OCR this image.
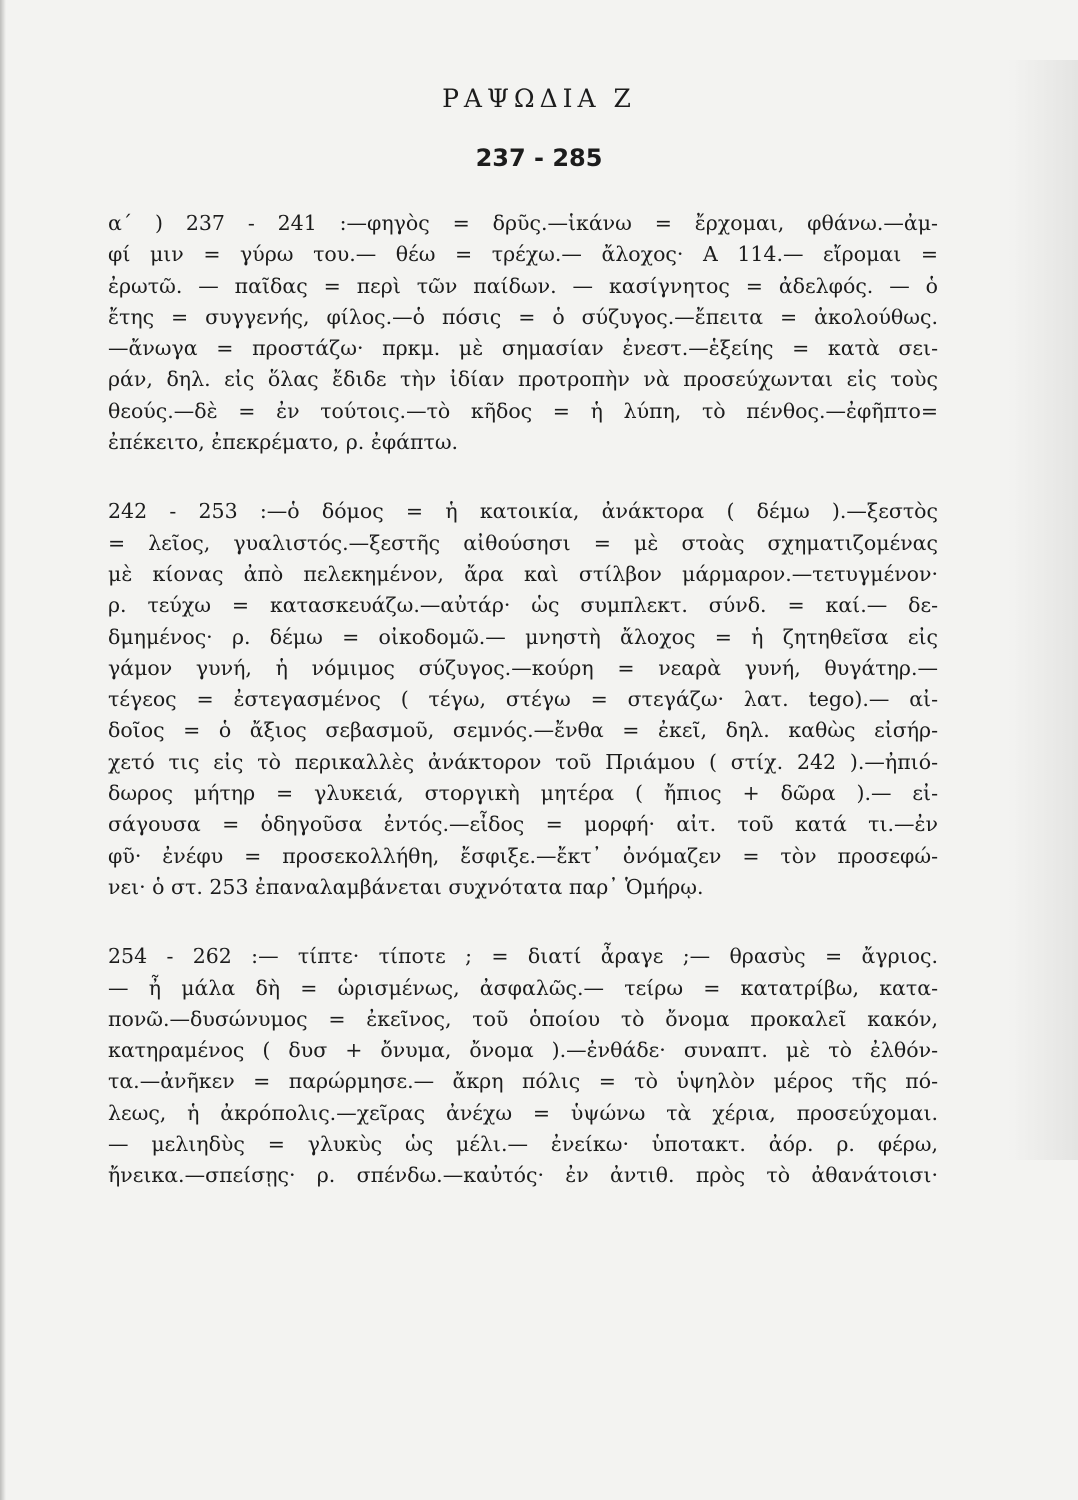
ΡΑΨΩΔΙΑ Ζ
237 - 285
α΄ ) 237 - 241 :—φηγὸς = δρῦς.—ἱκάνω = ἔρχομαι, φθάνω.—ἀμ-
φί μιν = γύρω του.— θέω = τρέχω.— ἄλοχος· Α 114.— εἴρομαι =
ἐρωτῶ. — παῖδας = περὶ τῶν παίδων. — κασίγνητος = ἀδελφός. — ὁ
ἔτης = συγγενής, φίλος.—ὁ πόσις = ὁ σύζυγος.—ἔπειτα = ἀκολούθως.
—ἄνωγα = προστάζω· πρκμ. μὲ σημασίαν ἐνεστ.—ἑξείης = κατὰ σει-
ράν, δηλ. εἰς ὅλας ἔδιδε τὴν ἰδίαν προτροπὴν νὰ προσεύχωνται εἰς τοὺς
θεούς.—δὲ = ἐν τούτοις.—τὸ κῆδος = ἡ λύπη, τὸ πένθος.—ἐφῆπτο=
ἐπέκειτο, ἐπεκρέματο, ρ. ἐφάπτω.
242 - 253 :—ὁ δόμος = ἡ κατοικία, ἀνάκτορα ( δέμω ).—ξεστὸς
= λεῖος, γυαλιστός.—ξεστῆς αἰθούσησι = μὲ στοὰς σχηματιζομένας
μὲ κίονας ἀπὸ πελεκημένον, ἄρα καὶ στίλβον μάρμαρον.—τετυγμένον·
ρ. τεύχω = κατασκευάζω.—αὐτάρ· ὡς συμπλεκτ. σύνδ. = καί.— δε-
δμημένος· ρ. δέμω = οἰκοδομῶ.— μνηστὴ ἄλοχος = ἡ ζητηθεῖσα εἰς
γάμον γυνή, ἡ νόμιμος σύζυγος.—κούρη = νεαρὰ γυνή, θυγάτηρ.—
τέγεος = ἐστεγασμένος ( τέγω, στέγω = στεγάζω· λατ. tego).— αἰ-
δοῖος = ὁ ἄξιος σεβασμοῦ, σεμνός.—ἔνθα = ἐκεῖ, δηλ. καθὼς εἰσήρ-
χετό τις εἰς τὸ περικαλλὲς ἀνάκτορον τοῦ Πριάμου ( στίχ. 242 ).—ἠπιό-
δωρος μήτηρ = γλυκειά, στοργικὴ μητέρα ( ἤπιος + δῶρα ).— εἰ-
σάγουσα = ὁδηγοῦσα ἐντός.—εἶδος = μορφή· αἰτ. τοῦ κατά τι.—ἐν
φῦ· ἐνέφυ = προσεκολλήθη, ἔσφιξε.—ἔκτ᾽ ὀνόμαζεν = τὸν προσεφώ-
νει· ὁ στ. 253 ἐπαναλαμβάνεται συχνότατα παρ᾽ Ὁμήρῳ.
254 - 262 :— τίπτε· τίποτε ; = διατί ἆραγε ;— θρασὺς = ἄγριος.
— ἦ μάλα δὴ = ὡρισμένως, ἀσφαλῶς.— τείρω = κατατρίβω, κατα-
πονῶ.—δυσώνυμος = ἐκεῖνος, τοῦ ὁποίου τὸ ὄνομα προκαλεῖ κακόν,
κατηραμένος ( δυσ + ὄνυμα, ὄνομα ).—ἐνθάδε· συναπτ. μὲ τὸ ἐλθόν-
τα.—ἀνῆκεν = παρώρμησε.— ἄκρη πόλις = τὸ ὑψηλὸν μέρος τῆς πό-
λεως, ἡ ἀκρόπολις.—χεῖρας ἀνέχω = ὑψώνω τὰ χέρια, προσεύχομαι.
— μελιηδὺς = γλυκὺς ὡς μέλι.— ἐνείκω· ὑποτακτ. ἀόρ. ρ. φέρω,
ἤνεικα.—σπείσῃς· ρ. σπένδω.—καὐτός· ἐν ἀντιθ. πρὸς τὸ ἀθανάτοισι·
